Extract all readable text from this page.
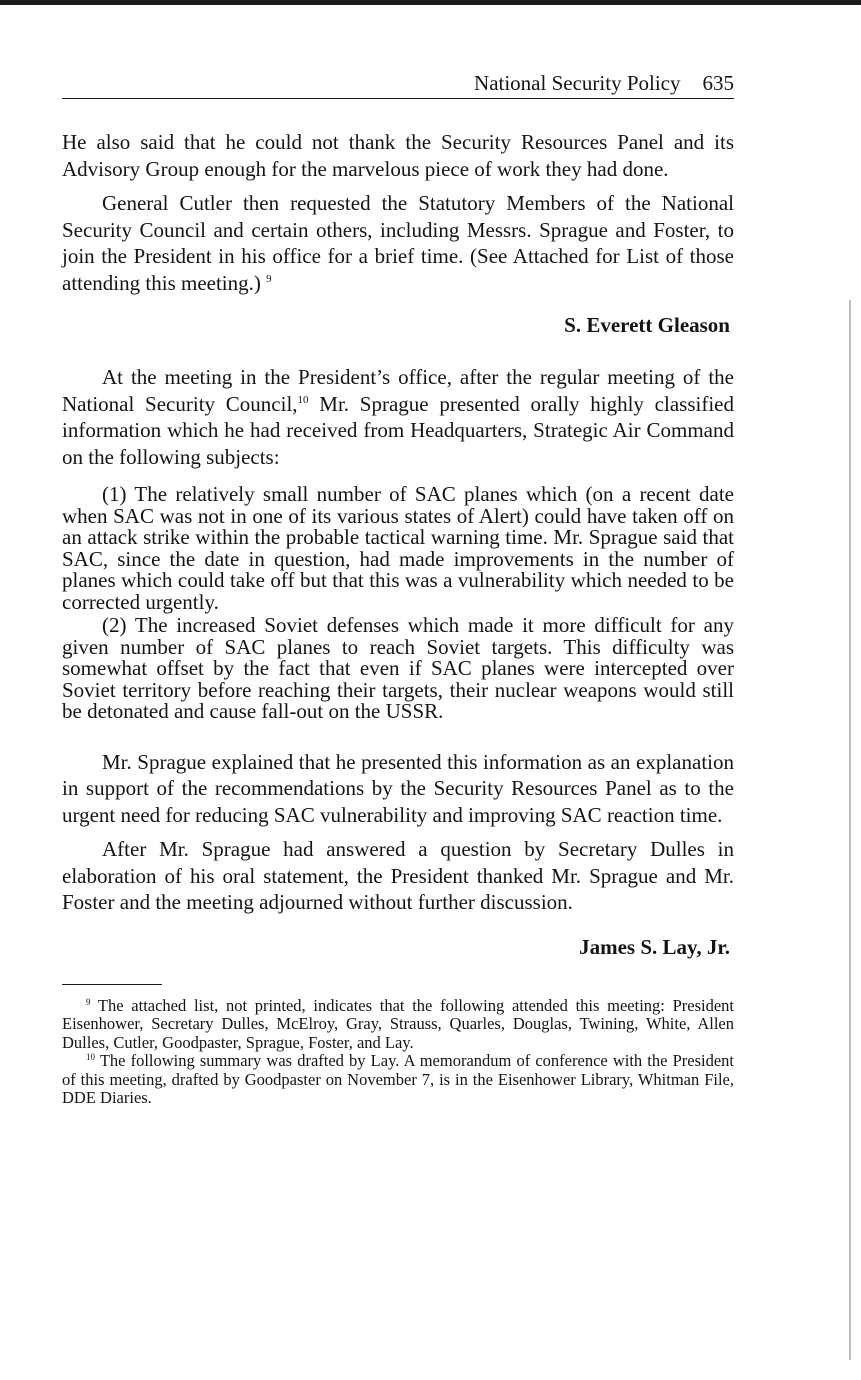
National Security Policy 635

He also said that he could not thank the Security Resources Panel and its Advisory Group enough for the marvelous piece of work they had done.

General Cutler then requested the Statutory Members of the National Security Council and certain others, including Messrs. Sprague and Foster, to join the President in his office for a brief time. (See Attached for List of those attending this meeting.) $^9$

S. Everett Gleason

At the meeting in the President’s office, after the regular meeting of the National Security Council,$^{10}$ Mr. Sprague presented orally highly classified information which he had received from Headquarters, Strategic Air Command on the following subjects:

(1) The relatively small number of SAC planes which (on a recent date when SAC was not in one of its various states of Alert) could have taken off on an attack strike within the probable tactical warning time. Mr. Sprague said that SAC, since the date in question, had made improvements in the number of planes which could take off but that this was a vulnerability which needed to be corrected urgently.

(2) The increased Soviet defenses which made it more difficult for any given number of SAC planes to reach Soviet targets. This difficulty was somewhat offset by the fact that even if SAC planes were intercepted over Soviet territory before reaching their targets, their nuclear weapons would still be detonated and cause fall-out on the USSR.

Mr. Sprague explained that he presented this information as an explanation in support of the recommendations by the Security Resources Panel as to the urgent need for reducing SAC vulnerability and improving SAC reaction time.

After Mr. Sprague had answered a question by Secretary Dulles in elaboration of his oral statement, the President thanked Mr. Sprague and Mr. Foster and the meeting adjourned without further discussion.

James S. Lay, Jr.

$^9$ The attached list, not printed, indicates that the following attended this meeting: President Eisenhower, Secretary Dulles, McElroy, Gray, Strauss, Quarles, Douglas, Twining, White, Allen Dulles, Cutler, Goodpaster, Sprague, Foster, and Lay.

$^{10}$ The following summary was drafted by Lay. A memorandum of conference with the President of this meeting, drafted by Goodpaster on November 7, is in the Eisenhower Library, Whitman File, DDE Diaries.
